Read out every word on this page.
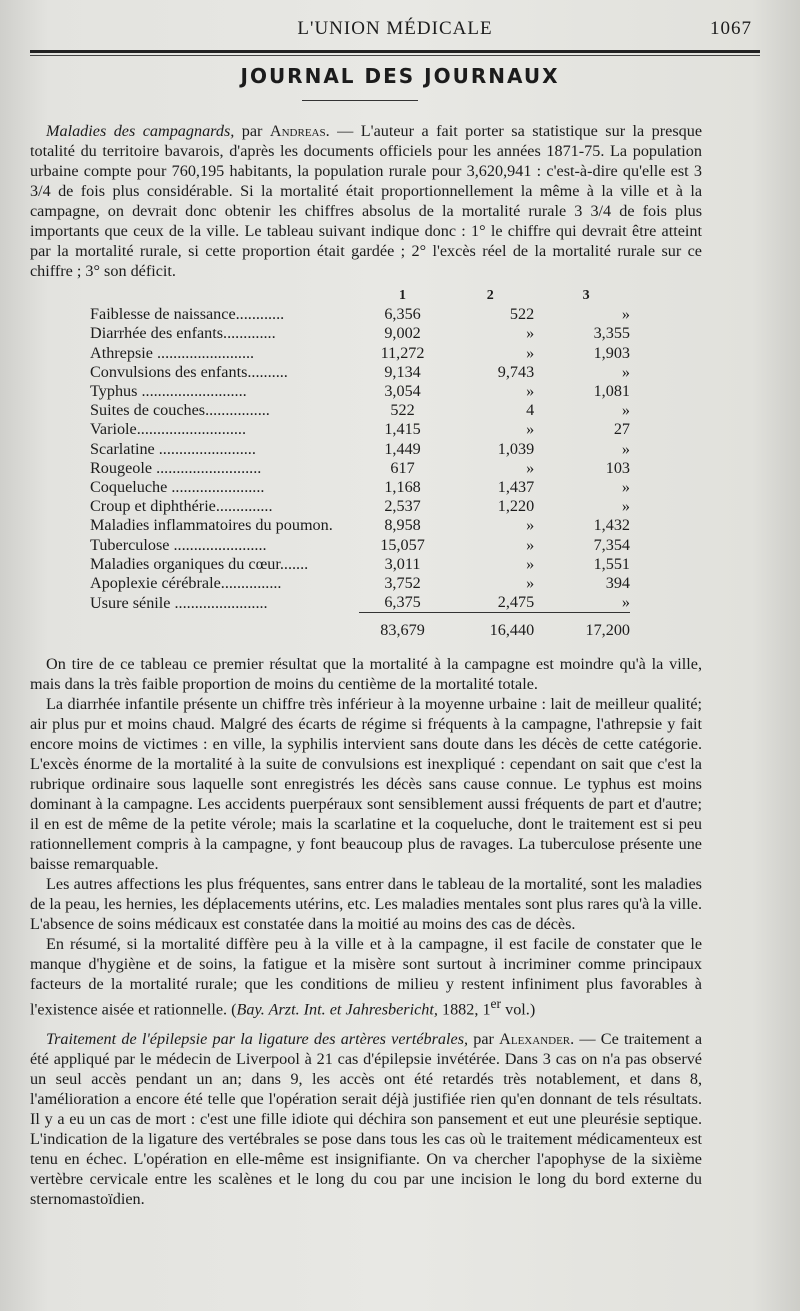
L'UNION MÉDICALE	1067
JOURNAL DES JOURNAUX

Maladies des campagnards, par Andreas. — L'auteur a fait porter sa statistique sur la presque totalité du territoire bavarois, d'après les documents officiels pour les années 1871-75. La population urbaine compte pour 760,195 habitants, la population rurale pour 3,620,941 : c'est-à-dire qu'elle est 3 3/4 de fois plus considérable. Si la mortalité était proportionnellement la même à la ville et à la campagne, on devrait donc obtenir les chiffres absolus de la mortalité rurale 3 3/4 de fois plus importants que ceux de la ville. Le tableau suivant indique donc : 1° le chiffre qui devrait être atteint par la mortalité rurale, si cette proportion était gardée ; 2° l'excès réel de la mortalité rurale sur ce chiffre ; 3° son déficit.

	1	2	3
Faiblesse de naissance............	6,356	522	»
Diarrhée des enfants.............	9,002	»	3,355
Athrepsie ........................	11,272	»	1,903
Convulsions des enfants..........	9,134	9,743	»
Typhus ..........................	3,054	»	1,081
Suites de couches................	522	4	»
Variole...........................	1,415	»	27
Scarlatine ........................	1,449	1,039	»
Rougeole ..........................	617	»	103
Coqueluche .......................	1,168	1,437	»
Croup et diphthérie..............	2,537	1,220	»
Maladies inflammatoires du poumon.	8,958	»	1,432
Tuberculose .......................	15,057	»	7,354
Maladies organiques du cœur.......	3,011	»	1,551
Apoplexie cérébrale...............	3,752	»	394
Usure sénile .......................	6,375	2,475	»
	83,679	16,440	17,200

On tire de ce tableau ce premier résultat que la mortalité à la campagne est moindre qu'à la ville, mais dans la très faible proportion de moins du centième de la mortalité totale.

La diarrhée infantile présente un chiffre très inférieur à la moyenne urbaine : lait de meilleur qualité; air plus pur et moins chaud. Malgré des écarts de régime si fréquents à la campagne, l'athrepsie y fait encore moins de victimes : en ville, la syphilis intervient sans doute dans les décès de cette catégorie. L'excès énorme de la mortalité à la suite de convulsions est inexpliqué : cependant on sait que c'est la rubrique ordinaire sous laquelle sont enregistrés les décès sans cause connue. Le typhus est moins dominant à la campagne. Les accidents puerpéraux sont sensiblement aussi fréquents de part et d'autre; il en est de même de la petite vérole; mais la scarlatine et la coqueluche, dont le traitement est si peu rationnellement compris à la campagne, y font beaucoup plus de ravages. La tuberculose présente une baisse remarquable.

Les autres affections les plus fréquentes, sans entrer dans le tableau de la mortalité, sont les maladies de la peau, les hernies, les déplacements utérins, etc. Les maladies mentales sont plus rares qu'à la ville. L'absence de soins médicaux est constatée dans la moitié au moins des cas de décès.

En résumé, si la mortalité diffère peu à la ville et à la campagne, il est facile de constater que le manque d'hygiène et de soins, la fatigue et la misère sont surtout à incriminer comme principaux facteurs de la mortalité rurale; que les conditions de milieu y restent infiniment plus favorables à l'existence aisée et rationnelle. (Bay. Arzt. Int. et Jahresbericht, 1882, 1er vol.)

Traitement de l'épilepsie par la ligature des artères vertébrales, par Alexander. — Ce traitement a été appliqué par le médecin de Liverpool à 21 cas d'épilepsie invétérée. Dans 3 cas on n'a pas observé un seul accès pendant un an; dans 9, les accès ont été retardés très notablement, et dans 8, l'amélioration a encore été telle que l'opération serait déjà justifiée rien qu'en donnant de tels résultats. Il y a eu un cas de mort : c'est une fille idiote qui déchira son pansement et eut une pleurésie septique. L'indication de la ligature des vertébrales se pose dans tous les cas où le traitement médicamenteux est tenu en échec. L'opération en elle-même est insignifiante. On va chercher l'apophyse de la sixième vertèbre cervicale entre les scalènes et le long du cou par une incision le long du bord externe du sternomastoïdien.
